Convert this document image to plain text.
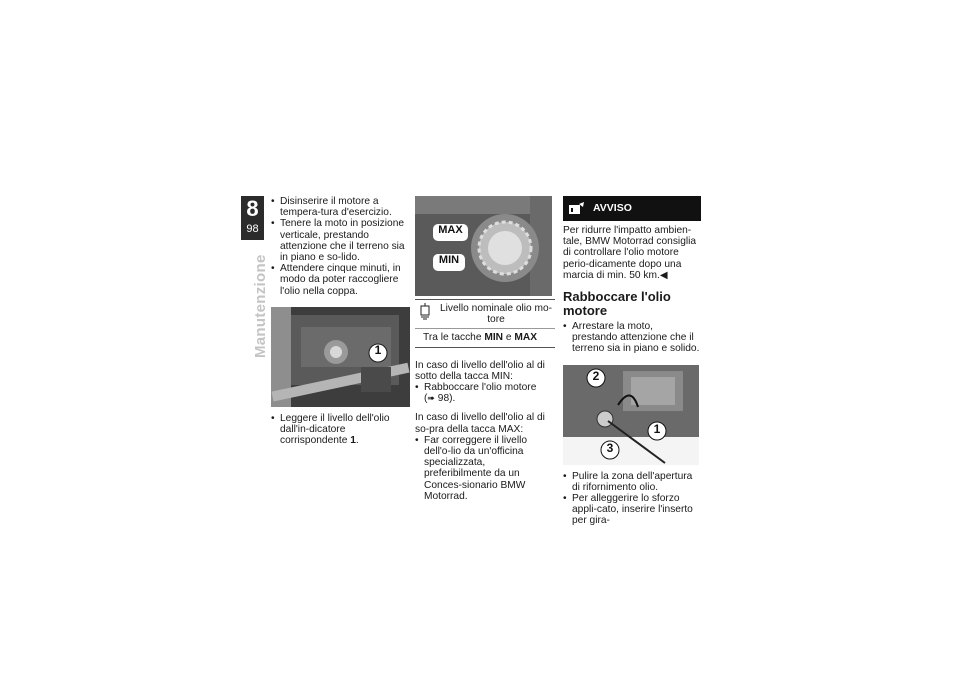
8
98
Manutenzione
• Disinserire il motore a tempera-tura d'esercizio.
• Tenere la moto in posizione verticale, prestando attenzione che il terreno sia in piano e so-lido.
• Attendere cinque minuti, in modo da poter raccogliere l'olio nella coppa.
1
• Leggere il livello dell'olio dall'in-dicatore corrispondente 1.
MAX
MIN
Livello nominale olio mo-tore
Tra le tacche MIN e MAX

In caso di livello dell'olio al di sotto della tacca MIN:

• Rabboccare l'olio motore
(➠ 98).

In caso di livello dell'olio al di so-pra della tacca MAX:

• Far correggere il livello dell'o-lio da un'officina specializzata, preferibilmente da un Conces-sionario BMW Motorrad.
AVVISO

Per ridurre l'impatto ambien-tale, BMW Motorrad consiglia di controllare l'olio motore perio-dicamente dopo una marcia di min. 50 km.◀

Rabboccare l'olio motore
• Arrestare la moto, prestando attenzione che il terreno sia in piano e solido.
2
1
3
• Pulire la zona dell'apertura di rifornimento olio.
• Per alleggerire lo sforzo appli-cato, inserire l'inserto per gira-
